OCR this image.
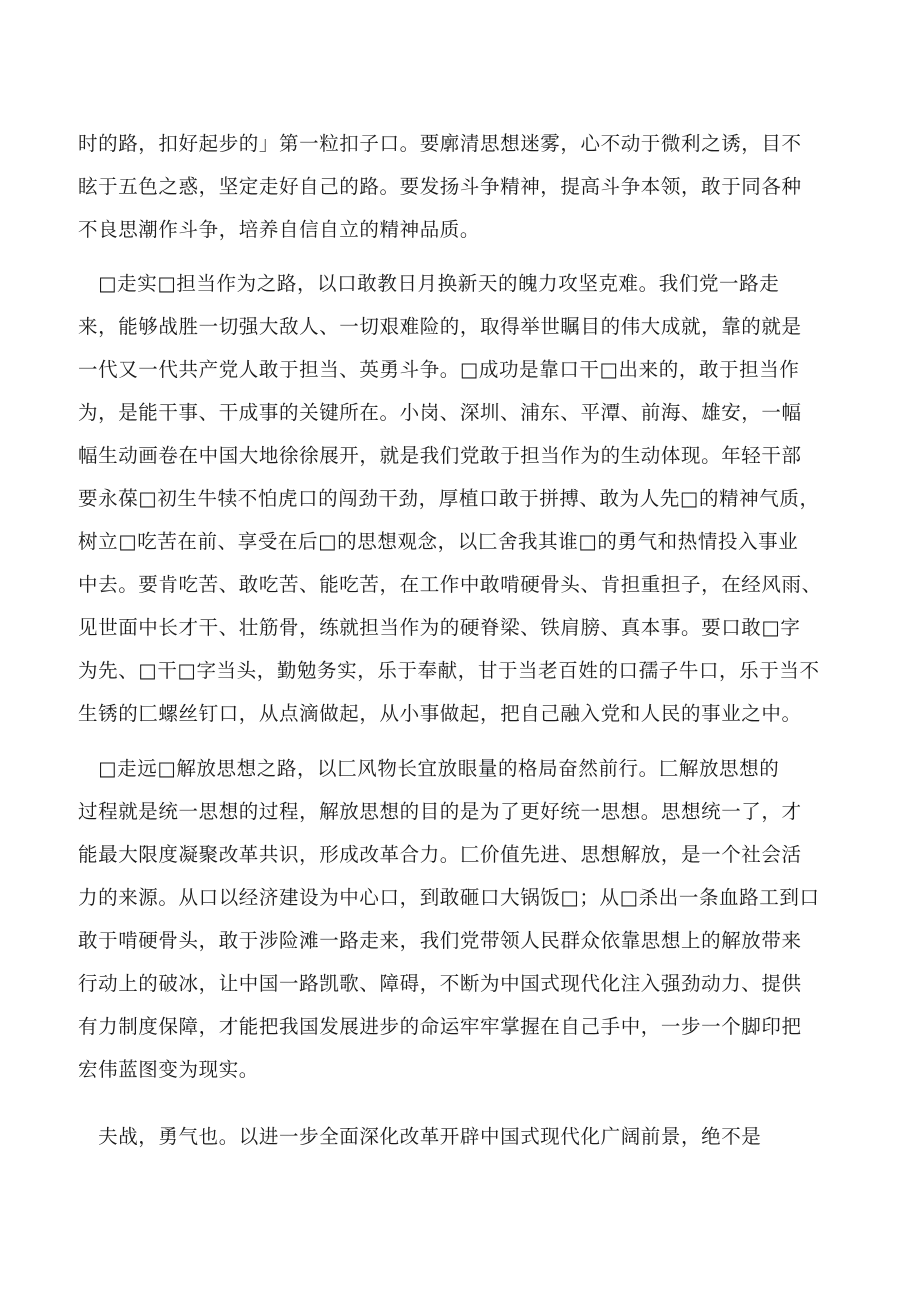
时的路，扣好起步的」第一粒扣子口。要廓清思想迷雾，心不动于微利之诱，目不
眩于五色之惑，坚定走好自己的路。要发扬斗争精神，提高斗争本领，敢于同各种
不良思潮作斗争，培养自信自立的精神品质。
　□走实□担当作为之路，以口敢教日月换新天的魄力攻坚克难。我们党一路走
来，能够战胜一切强大敌人、一切艰难险的，取得举世瞩目的伟大成就，靠的就是
一代又一代共产党人敢于担当、英勇斗争。□成功是靠口干□出来的，敢于担当作
为，是能干事、干成事的关键所在。小岗、深圳、浦东、平潭、前海、雄安，一幅
幅生动画卷在中国大地徐徐展开，就是我们党敢于担当作为的生动体现。年轻干部
要永葆□初生牛犊不怕虎口的闯劲干劲，厚植口敢于拼搏、敢为人先□的精神气质，
树立□吃苦在前、享受在后□的思想观念，以匚舍我其谁□的勇气和热情投入事业
中去。要肯吃苦、敢吃苦、能吃苦，在工作中敢啃硬骨头、肯担重担子，在经风雨、
见世面中长才干、壮筋骨，练就担当作为的硬脊梁、铁肩膀、真本事。要口敢□字
为先、□干□字当头，勤勉务实，乐于奉献，甘于当老百姓的口孺子牛口，乐于当不
生锈的匚螺丝钉口，从点滴做起，从小事做起，把自己融入党和人民的事业之中。
　□走远□解放思想之路，以匚风物长宜放眼量的格局奋然前行。匚解放思想的
过程就是统一思想的过程，解放思想的目的是为了更好统一思想。思想统一了，才
能最大限度凝聚改革共识，形成改革合力。匚价值先进、思想解放，是一个社会活
力的来源。从口以经济建设为中心口，到敢砸口大锅饭□；从□杀出一条血路工到口
敢于啃硬骨头，敢于涉险滩一路走来，我们党带领人民群众依靠思想上的解放带来
行动上的破冰，让中国一路凯歌、障碍，不断为中国式现代化注入强劲动力、提供
有力制度保障，才能把我国发展进步的命运牢牢掌握在自己手中，一步一个脚印把
宏伟蓝图变为现实。
　夫战，勇气也。以进一步全面深化改革开辟中国式现代化广阔前景，绝不是
